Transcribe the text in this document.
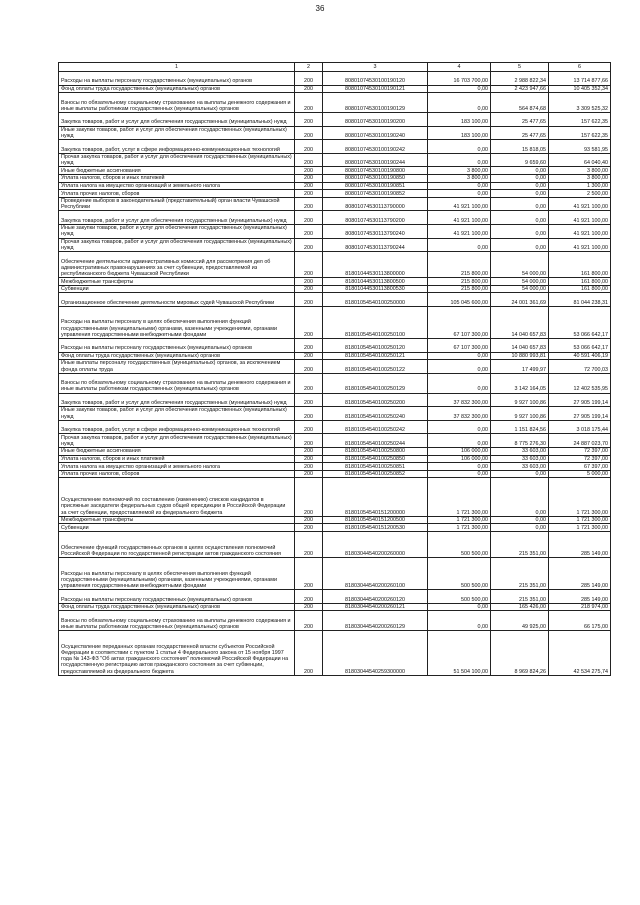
36
1	2	3	4	5	6
Расходы на выплаты персоналу государственных (муниципальных) органов	200	80801074530100190120	16 703 700,00	2 988 822,34	13 714 877,66
Фонд оплаты труда государственных (муниципальных) органов	200	80801074530100190121	0,00	2 423 947,66	10 405 352,34
Взносы по обязательному социальному страхованию на выплаты денежного содержания и иные выплаты работникам государственных (муниципальных) органов	200	80801074530100190129	0,00	564 874,68	3 309 525,32
Закупка товаров, работ и услуг для обеспечения государственных (муниципальных) нужд	200	80801074530100190200	183 100,00	25 477,65	157 622,35
Иные закупки товаров, работ и услуг для обеспечения государственных (муниципальных) нужд	200	80801074530100190240	183 100,00	25 477,65	157 622,35
Закупка товаров, работ, услуг в сфере информационно-коммуникационных технологий	200	80801074530100190242	0,00	15 818,05	93 581,95
Прочая закупка товаров, работ и услуг для обеспечения государственных (муниципальных) нужд	200	80801074530100190244	0,00	9 659,60	64 040,40
Иные бюджетные ассигнования	200	80801074530100190800	3 800,00	0,00	3 800,00
Уплата налогов, сборов и иных платежей	200	80801074530100190850	3 800,00	0,00	3 800,00
Уплата налога на имущество организаций и земельного налога	200	80801074530100190851	0,00	0,00	1 300,00
Уплата прочих налогов, сборов	200	80801074530100190852	0,00	0,00	2 500,00
Проведение выборов в законодательный (представительный) орган власти Чувашской Республики	200	80801074530113790000	41 921 100,00	0,00	41 921 100,00
Закупка товаров, работ и услуг для обеспечения государственных (муниципальных) нужд	200	80801074530113790200	41 921 100,00	0,00	41 921 100,00
Иные закупки товаров, работ и услуг для обеспечения государственных (муниципальных) нужд	200	80801074530113790240	41 921 100,00	0,00	41 921 100,00
Прочая закупка товаров, работ и услуг для обеспечения государственных (муниципальных) нужд	200	80801074530113790244	0,00	0,00	41 921 100,00
Обеспечение деятельности административных комиссий для рассмотрения дел об административных правонарушениях за счет субвенции, предоставляемой из республиканского бюджета Чувашской Республики	200	81801044530113800000	215 800,00	54 000,00	161 800,00
Межбюджетные трансферты	200	81801044530113800500	215 800,00	54 000,00	161 800,00
Субвенции	200	81801044530113800530	215 800,00	54 000,00	161 800,00
Организационное обеспечение деятельности мировых судей Чувашской Республики	200	81801054540100250000	105 045 600,00	24 001 361,69	81 044 238,31
Расходы на выплаты персоналу в целях обеспечения выполнения функций государственными (муниципальными) органами, казенными учреждениями, органами управления государственными внебюджетными фондами	200	81801054540100250100	67 107 300,00	14 040 657,83	53 066 642,17
Расходы на выплаты персоналу государственных (муниципальных) органов	200	81801054540100250120	67 107 300,00	14 040 657,83	53 066 642,17
Фонд оплаты труда государственных (муниципальных) органов	200	81801054540100250121	0,00	10 880 993,81	40 591 406,19
Иные выплаты персоналу государственных (муниципальных) органов, за исключением фонда оплаты труда	200	81801054540100250122	0,00	17 499,97	72 700,03
Взносы по обязательному социальному страхованию на выплаты денежного содержания и иные выплаты работникам государственных (муниципальных) органов	200	81801054540100250129	0,00	3 142 164,05	12 402 535,95
Закупка товаров, работ и услуг для обеспечения государственных (муниципальных) нужд	200	81801054540100250200	37 832 300,00	9 927 100,86	27 905 199,14
Иные закупки товаров, работ и услуг для обеспечения государственных (муниципальных) нужд	200	81801054540100250240	37 832 300,00	9 927 100,86	27 905 199,14
Закупка товаров, работ, услуг в сфере информационно-коммуникационных технологий	200	81801054540100250242	0,00	1 151 824,56	3 018 175,44
Прочая закупка товаров, работ и услуг для обеспечения государственных (муниципальных) нужд	200	81801054540100250244	0,00	8 775 276,30	24 887 023,70
Иные бюджетные ассигнования	200	81801054540100250800	106 000,00	33 603,00	72 397,00
Уплата налогов, сборов и иных платежей	200	81801054540100250850	106 000,00	33 603,00	72 397,00
Уплата налога на имущество организаций и земельного налога	200	81801054540100250851	0,00	33 603,00	67 397,00
Уплата прочих налогов, сборов	200	81801054540100250852	0,00	0,00	5 000,00
Осуществление полномочий по составлению (изменению) списков кандидатов в присяжные заседатели федеральных судов общей юрисдикции в Российской Федерации за счет субвенции, предоставляемой из федерального бюджета	200	81801054540151200000	1 721 300,00	0,00	1 721 300,00
Межбюджетные трансферты	200	81801054540151200500	1 721 300,00	0,00	1 721 300,00
Субвенции	200	81801054540151200530	1 721 300,00	0,00	1 721 300,00
Обеспечение функций государственных органов в целях осуществления полномочий Российской Федерации по государственной регистрации актов гражданского состояния	200	81803044540200260000	500 500,00	215 351,00	285 149,00
Расходы на выплаты персоналу в целях обеспечения выполнения функций государственными (муниципальными) органами, казенными учреждениями, органами управления государственными внебюджетными фондами	200	81803044540200260100	500 500,00	215 351,00	285 149,00
Расходы на выплаты персоналу государственных (муниципальных) органов	200	81803044540200260120	500 500,00	215 351,00	285 149,00
Фонд оплаты труда государственных (муниципальных) органов	200	81803044540200260121	0,00	165 426,00	218 974,00
Взносы по обязательному социальному страхованию на выплаты денежного содержания и иные выплаты работникам государственных (муниципальных) органов	200	81803044540200260129	0,00	49 925,00	66 175,00
Осуществление переданных органам государственной власти субъектов Российской Федерации в соответствии с пунктом 1 статьи 4 Федерального закона от 15 ноября 1997 года № 143-ФЗ "Об актах гражданского состояния" полномочий Российской Федерации на государственную регистрацию актов гражданского состояния за счет субвенции, предоставляемой из федерального бюджета	200	81803044540259300000	51 504 100,00	8 969 824,26	42 534 275,74
